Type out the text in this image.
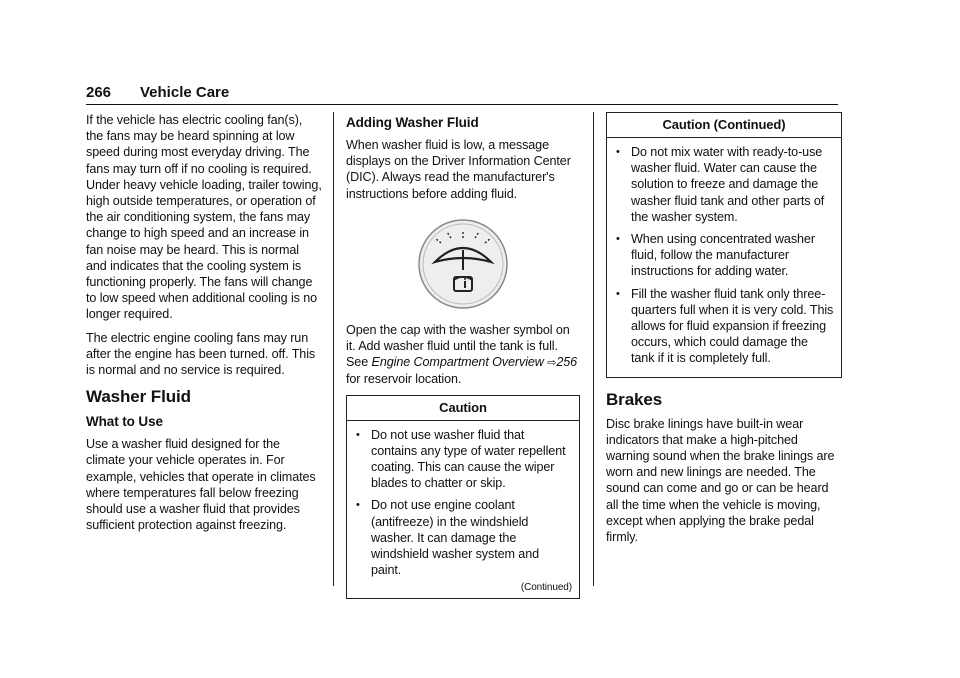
266 Vehicle Care

If the vehicle has electric cooling fan(s), the fans may be heard spinning at low speed during most everyday driving. The fans may turn off if no cooling is required. Under heavy vehicle loading, trailer towing, high outside temperatures, or operation of the air conditioning system, the fans may change to high speed and an increase in fan noise may be heard. This is normal and indicates that the cooling system is functioning properly. The fans will change to low speed when additional cooling is no longer required.

The electric engine cooling fans may run after the engine has been turned. off. This is normal and no service is required.

Washer Fluid
What to Use

Use a washer fluid designed for the climate your vehicle operates in. For example, vehicles that operate in climates where temperatures fall below freezing should use a washer fluid that provides sufficient protection against freezing.

Adding Washer Fluid

When washer fluid is low, a message displays on the Driver Information Center (DIC). Always read the manufacturer's instructions before adding fluid.

Open the cap with the washer symbol on it. Add washer fluid until the tank is full. See Engine Compartment Overview ⇨256 for reservoir location.

Caution
• Do not use washer fluid that contains any type of water repellent coating. This can cause the wiper blades to chatter or skip.
• Do not use engine coolant (antifreeze) in the windshield washer. It can damage the windshield washer system and paint.
(Continued)
Caution (Continued)
• Do not mix water with ready-to-use washer fluid. Water can cause the solution to freeze and damage the washer fluid tank and other parts of the washer system.
• When using concentrated washer fluid, follow the manufacturer instructions for adding water.
• Fill the washer fluid tank only three-quarters full when it is very cold. This allows for fluid expansion if freezing occurs, which could damage the tank if it is completely full.
Brakes

Disc brake linings have built-in wear indicators that make a high-pitched warning sound when the brake linings are worn and new linings are needed. The sound can come and go or can be heard all the time when the vehicle is moving, except when applying the brake pedal firmly.
